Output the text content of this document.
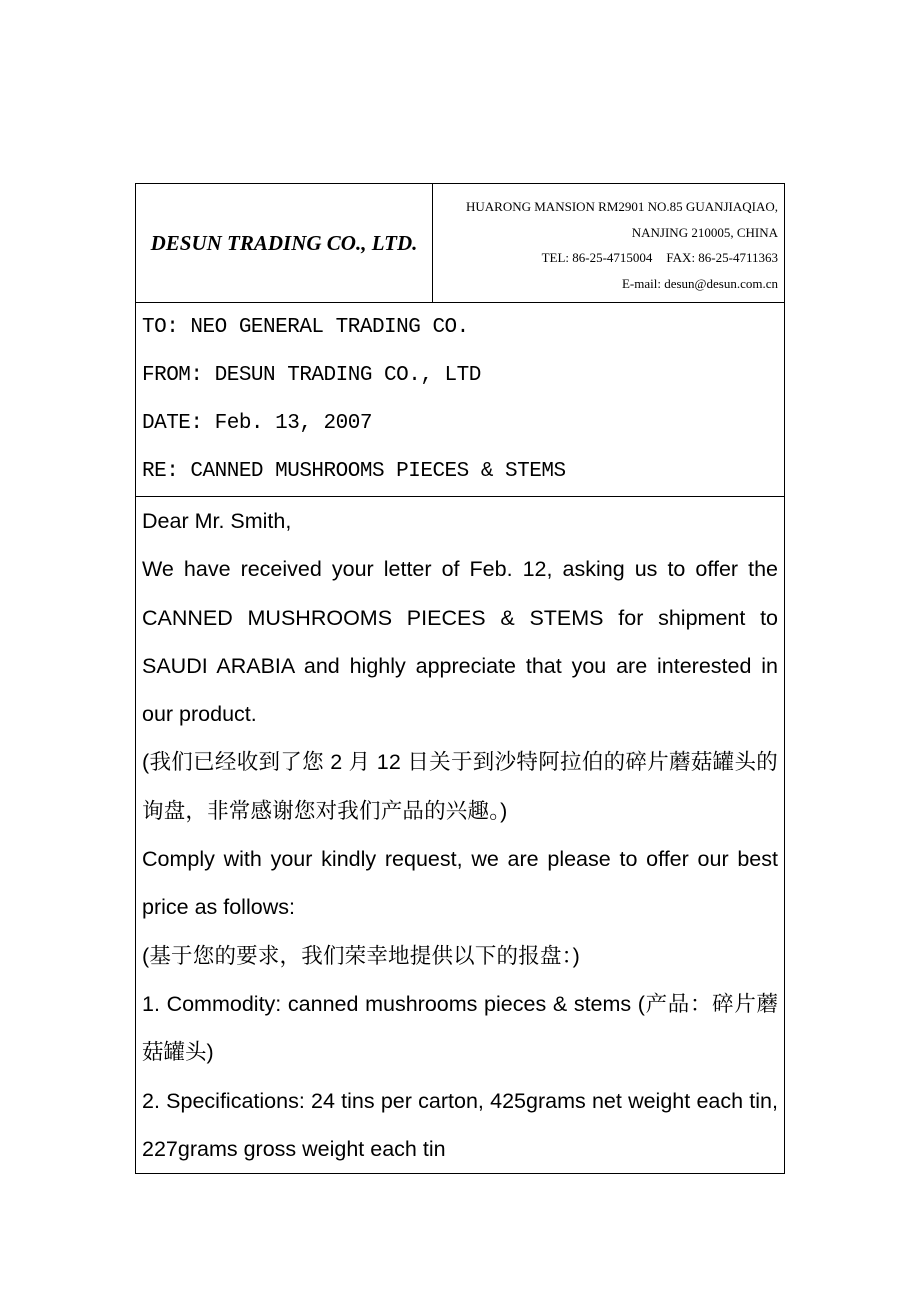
DESUN TRADING CO., LTD.	
HUARONG MANSION RM2901 NO.85 GUANJIAQIAO,
NANJING 210005, CHINA
TEL: 86-25-4715004 FAX: 86-25-4711363
E-mail: desun@desun.com.cn

TO: NEO GENERAL TRADING CO.
FROM: DESUN TRADING CO., LTD
DATE: Feb. 13, 2007
RE: CANNED MUSHROOMS PIECES & STEMS

Dear Mr. Smith,

We have received your letter of Feb. 12, asking us to offer the CANNED MUSHROOMS PIECES & STEMS for shipment to SAUDI ARABIA and highly appreciate that you are interested in our product.

(我们已经收到了您 2 月 12 日关于到沙特阿拉伯的碎片蘑菇罐头的询盘，非常感谢您对我们产品的兴趣。)

Comply with your kindly request, we are please to offer our best price as follows:

(基于您的要求，我们荣幸地提供以下的报盘：)

1. Commodity: canned mushrooms pieces & stems (产品：碎片蘑菇罐头)

2. Specifications: 24 tins per carton, 425grams net weight each tin, 227grams gross weight each tin
